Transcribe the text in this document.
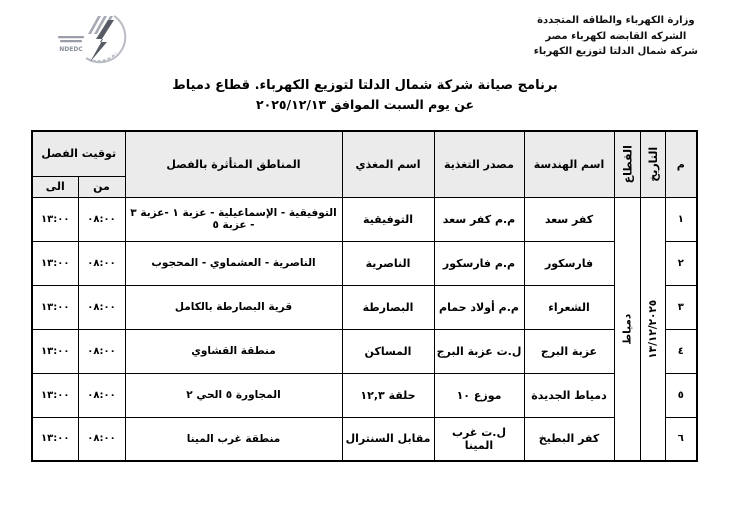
وزارة الكهرباء والطاقه المتجددة
الشركه القابضه لكهرباء مصر
شركة شمال الدلتا لتوزيع الكهرباء
NDEDC
برنامج صيانة شركة شمال الدلتا لتوزيع الكهرباء. قطاع دمياط
عن يوم السبت الموافق ٢٠٢٥/١٢/١٣
م	التاريخ	القطاع	اسم الهندسة	مصدر التغذية	اسم المغذي	المناطق المتأثرة بالفصل	توقيت الفصل	
							من	الى
١	١٣/١٢/٢٠٢٥	دمياط	كفر سعد	م.م كفر سعد	التوفيقية	التوفيقية - الإسماعيلية - عزبة ١ -عزبة ٣ - عزبة ٥	٠٨:٠٠	١٣:٠٠
٢			فارسكور	م.م فارسكور	الناصرية	الناصرية - العشماوي - المحجوب	٠٨:٠٠	١٣:٠٠
٣			الشعراء	م.م أولاد حمام	البصارطة	قرية البصارطة بالكامل	٠٨:٠٠	١٣:٠٠
٤			عزبة البرج	ل.ت عزبة البرج	المساكن	منطقة القشاوي	٠٨:٠٠	١٣:٠٠
٥			دمياط الجديدة	موزع ١٠	حلقة ١٢,٣	المجاورة ٥ الحي ٢	٠٨:٠٠	١٣:٠٠
٦			كفر البطيخ	ل.ت غرب المينا	مقابل السنترال	منطقة غرب المينا	٠٨:٠٠	١٣:٠٠
